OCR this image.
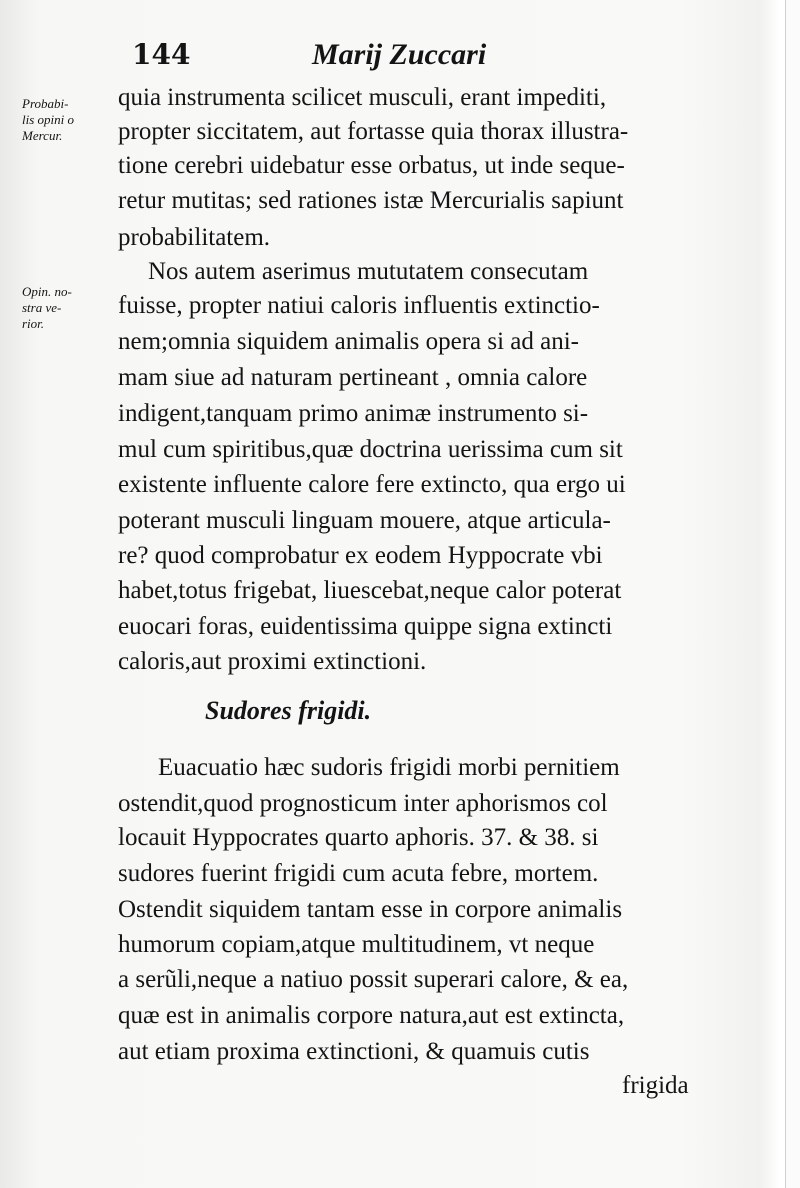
144	Marij Zuccari
Probabi-
lis opini o
Mercur.
Opin. no-
stra ve-
rior.
quia instrumenta scilicet musculi, erant impediti,
propter siccitatem, aut fortasse quia thorax illustra-
tione cerebri uidebatur esse orbatus, ut inde seque-
retur mutitas; sed rationes istæ Mercurialis sapiunt
probabilitatem.
Nos autem aserimus mututatem consecutam
fuisse, propter natiui caloris influentis extinctio-
nem;omnia siquidem animalis opera si ad ani-
mam siue ad naturam pertineant , omnia calore
indigent,tanquam primo animæ instrumento si-
mul cum spiritibus,quæ doctrina uerissima cum sit
existente influente calore fere extincto, qua ergo ui
poterant musculi linguam mouere, atque articula-
re? quod comprobatur ex eodem Hyppocrate vbi
habet,totus frigebat, liuescebat,neque calor poterat
euocari foras, euidentissima quippe signa extincti
caloris,aut proximi extinctioni.
Sudores frigidi.
Euacuatio hæc sudoris frigidi morbi pernitiem
ostendit,quod prognosticum inter aphorismos col
locauit Hyppocrates quarto aphoris. 37. & 38. si
sudores fuerint frigidi cum acuta febre, mortem.
Ostendit siquidem tantam esse in corpore animalis
humorum copiam,atque multitudinem, vt neque
a serũli,neque a natiuo possit superari calore, & ea,
quæ est in animalis corpore natura,aut est extincta,
aut etiam proxima extinctioni, & quamuis cutis
frigida
